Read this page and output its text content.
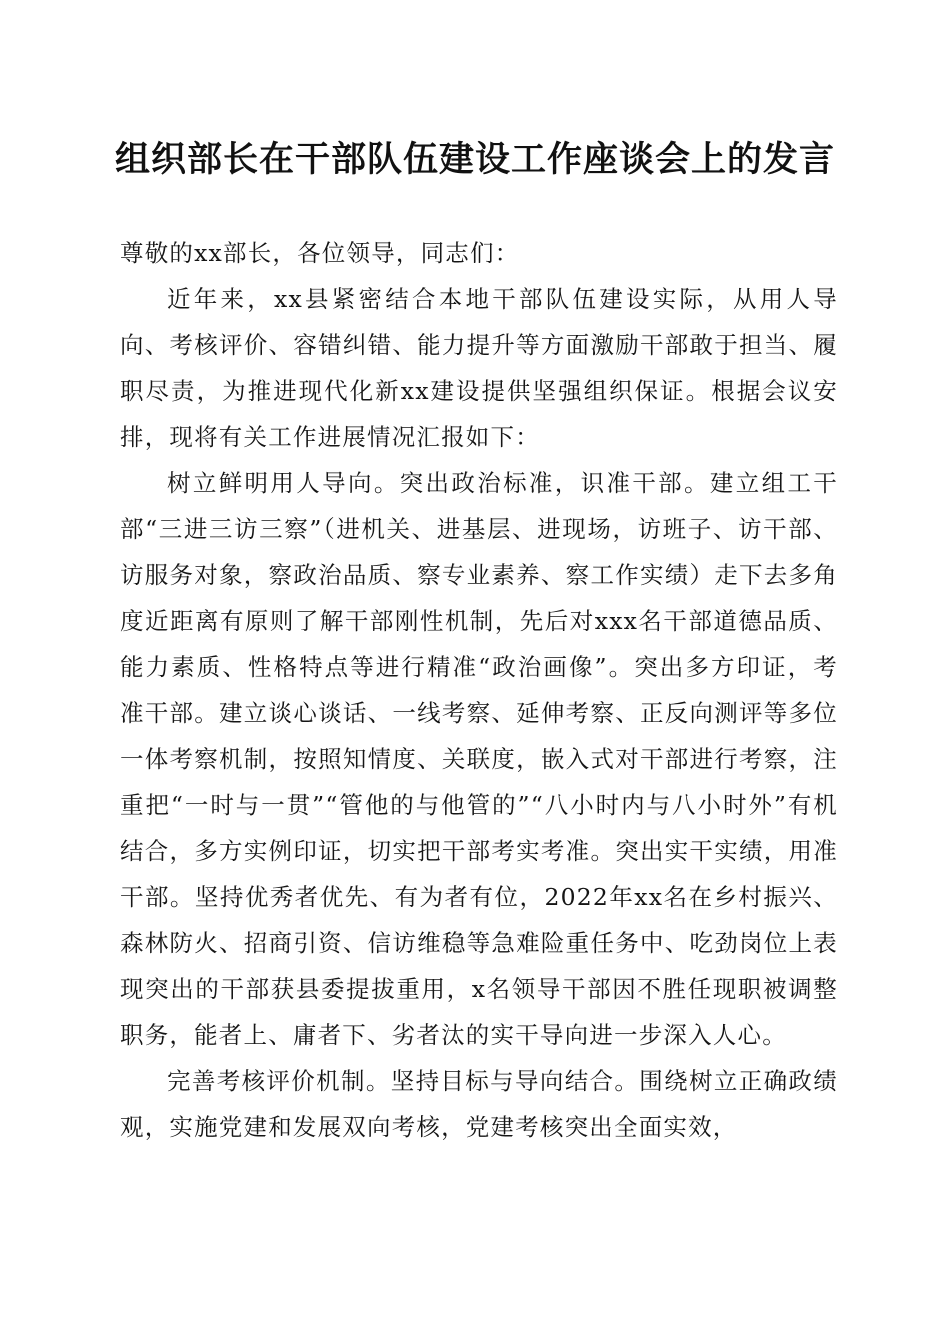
组织部长在干部队伍建设工作座谈会上的发言

尊敬的xx部长，各位领导，同志们：

近年来，xx县紧密结合本地干部队伍建设实际，从用人导向、考核评价、容错纠错、能力提升等方面激励干部敢于担当、履职尽责，为推进现代化新xx建设提供坚强组织保证。根据会议安排，现将有关工作进展情况汇报如下：

树立鲜明用人导向。突出政治标准，识准干部。建立组工干部“三进三访三察”（进机关、进基层、进现场，访班子、访干部、访服务对象，察政治品质、察专业素养、察工作实绩）走下去多角度近距离有原则了解干部刚性机制，先后对xxx名干部道德品质、能力素质、性格特点等进行精准“政治画像”。突出多方印证，考准干部。建立谈心谈话、一线考察、延伸考察、正反向测评等多位一体考察机制，按照知情度、关联度，嵌入式对干部进行考察，注重把“一时与一贯”“管他的与他管的”“八小时内与八小时外”有机结合，多方实例印证，切实把干部考实考准。突出实干实绩，用准干部。坚持优秀者优先、有为者有位，2022年xx名在乡村振兴、森林防火、招商引资、信访维稳等急难险重任务中、吃劲岗位上表现突出的干部获县委提拔重用，x名领导干部因不胜任现职被调整职务，能者上、庸者下、劣者汰的实干导向进一步深入人心。

完善考核评价机制。坚持目标与导向结合。围绕树立正确政绩观，实施党建和发展双向考核，党建考核突出全面实效，
